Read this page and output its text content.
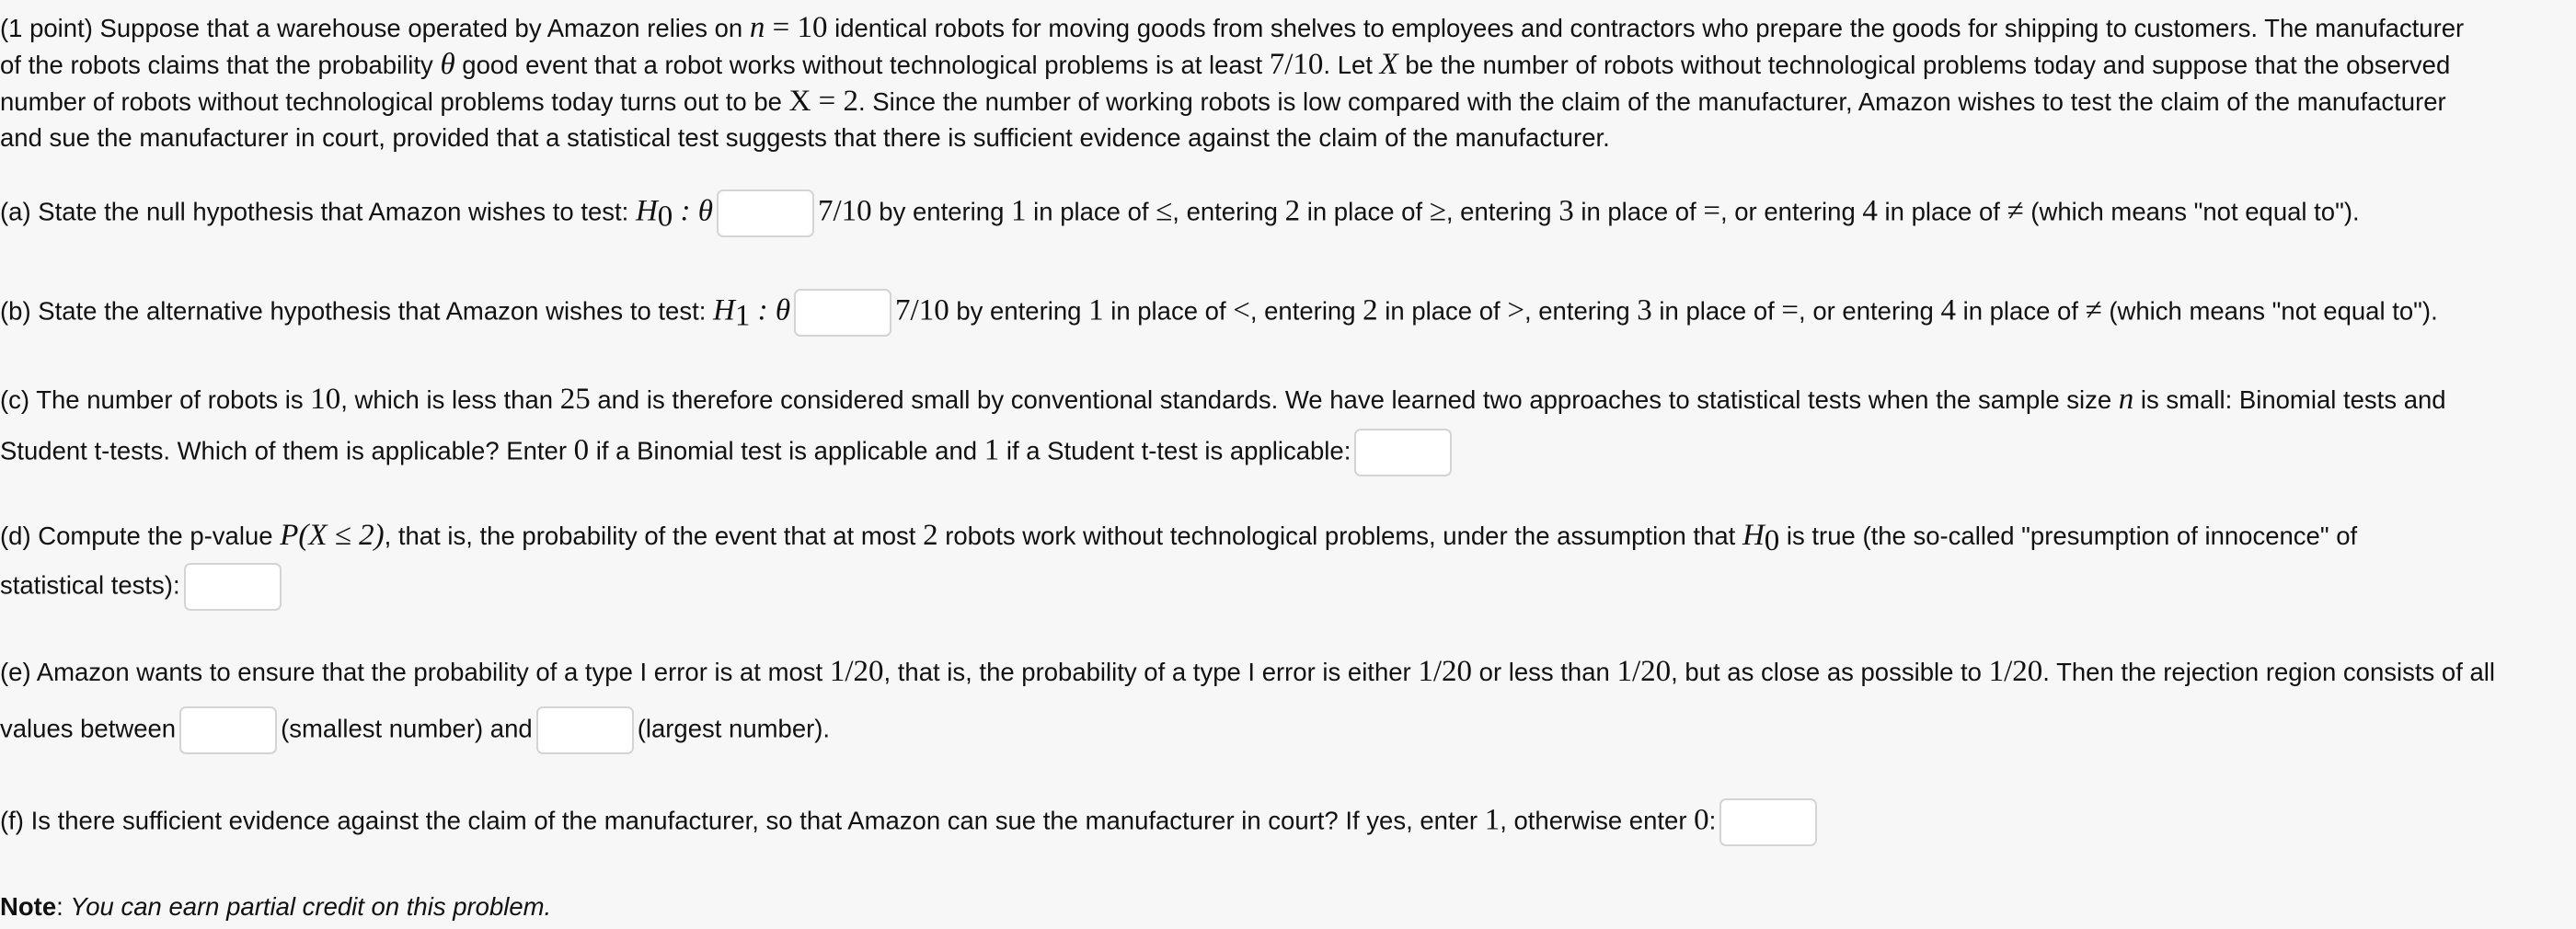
(1 point) Suppose that a warehouse operated by Amazon relies on n = 10 identical robots for moving goods from shelves to employees and contractors who prepare the goods for shipping to customers. The manufacturer

of the robots claims that the probability θ good event that a robot works without technological problems is at least 7/10. Let X be the number of robots without technological problems today and suppose that the observed

number of robots without technological problems today turns out to be X = 2. Since the number of working robots is low compared with the claim of the manufacturer, Amazon wishes to test the claim of the manufacturer

and sue the manufacturer in court, provided that a statistical test suggests that there is sufficient evidence against the claim of the manufacturer.

(a) State the null hypothesis that Amazon wishes to test: $H_0$ : θ	7/10 by entering 1 in place of ≤, entering 2 in place of ≥, entering 3 in place of =, or entering 4 in place of ≠ (which means "not equal to").

(b) State the alternative hypothesis that Amazon wishes to test: $H_1$ : θ	7/10 by entering 1 in place of <, entering 2 in place of >, entering 3 in place of =, or entering 4 in place of ≠ (which means "not equal to").

(c) The number of robots is 10, which is less than 25 and is therefore considered small by conventional standards. We have learned two approaches to statistical tests when the sample size n is small: Binomial tests and

Student t-tests. Which of them is applicable? Enter 0 if a Binomial test is applicable and 1 if a Student t-test is applicable:

(d) Compute the p-value P(X ≤ 2), that is, the probability of the event that at most 2 robots work without technological problems, under the assumption that $H_0$ is true (the so-called "presumption of innocence" of

statistical tests):

(e) Amazon wants to ensure that the probability of a type I error is at most 1/20, that is, the probability of a type I error is either 1/20 or less than 1/20, but as close as possible to 1/20. Then the rejection region consists of all

values between	(smallest number) and	(largest number).

(f) Is there sufficient evidence against the claim of the manufacturer, so that Amazon can sue the manufacturer in court? If yes, enter 1, otherwise enter 0:

Note: You can earn partial credit on this problem.
